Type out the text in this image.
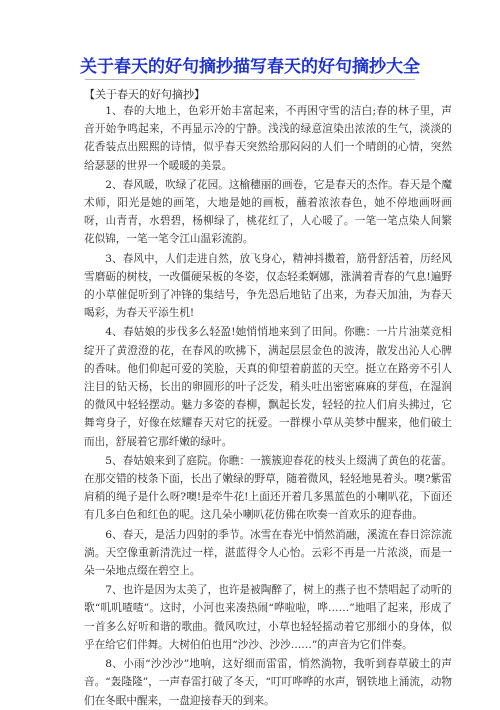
关于春天的好句摘抄描写春天的好句摘抄大全
【关于春天的好句摘抄】

1、春的大地上，色彩开始丰富起来，不再困守雪的洁白;春的林子里，声音开始争鸣起来，不再显示冷的宁静。浅浅的绿意渲染出浓浓的生气，淡淡的花香装点出熙熙的诗情，似乎春天突然给那闷闷的人们一个晴朗的心情，突然给瑟瑟的世界一个暖暖的美景。

2、春风暖，吹绿了花园。这榆穗丽的画卷，它是春天的杰作。春天是个魔术师，阳光是她的画笔，大地是她的画板，蘸着浓浓春色，她不停地画呀画呀，山青青，水碧碧，杨柳绿了，桃花红了，人心暖了。一笔一笔点染人间繁花似锦，一笔一笔令江山温彩流韵。

3、春风中，人们走进自然，放飞身心，精神抖擞着，筋骨舒活着，历经风雪磨砺的树枝，一改僵硬呆板的冬姿，仅态轻柔婀娜，涨满着青春的气息!遍野的小草催促听到了冲锋的集结号，争先恐后地钻了出来，为春天加油，为春天喝彩，为春天平添生机!

4、春姑娘的步伐多么轻盈!她悄悄地来到了田间。你瞧：一片片油菜竞相绽开了黄澄澄的花，在春风的吹拂下，满起层层金色的波涛，散发出沁人心脾的香味。他们仰起可爱的笑脸，天真的仰望着蔚蓝的天空。挺立在路旁不引人注目的钻天杨，长出的卵圆形的叶子泛发，稍头吐出密密麻麻的芽苞，在湿润的微风中轻轻摆动。魅力多姿的春柳，飘起长发，轻轻的拉人们肩头拂过，它舞弯身子，好像在炫耀春天对它的抚爱。一群棵小草从美梦中醒来，他们破土而出，舒展着它那纤嫩的绿叶。

5、春姑娘来到了庭院。你瞧：一簇簇迎春花的枝头上缀满了黄色的花蕾。在那交错的枝条下面，长出了嫩绿的野草，随着微风，轻轻地晃着头。噢?紫雷肩稍的绳子是什么呀?噢!是牵牛花!上面还开着几多黑蓝色的小喇叭花，下面还有几多白色和红色的呢。这几朵小喇叭花仿佛在吹奏一首欢乐的迎春曲。

6、春天，是活力四射的季节。冰雪在春光中悄然消融，溪流在春日淙淙流淌。天空像重新清洗过一样，湛蓝得令人心怡。云彩不再是一片浓淡，而是一朵一朵地点缀在碧空上。

7、也许是因为太美了，也许是被陶醉了，树上的燕子也不禁唱起了动听的歌“叽叽喳喳”。这时，小河也来凑热闹“哗啦啦，哗……”地唱了起来，形成了一首多么好听和谐的歌曲。微风吹过，小草也轻轻摇动着它那细小的身体，似乎在给它们伴舞。大树伯伯也用“沙沙、沙沙……”的声音为它们伴奏。

8、小雨“沙沙沙”地响，这好细而雷雷，悄然淌物，我听到春草破土的声音。“轰隆隆”，一声春雷打破了冬天，“叮叮哗哗的水声，钢铁地上涌流，动物们在冬眠中醒来，一盘迎接春天的到来。
